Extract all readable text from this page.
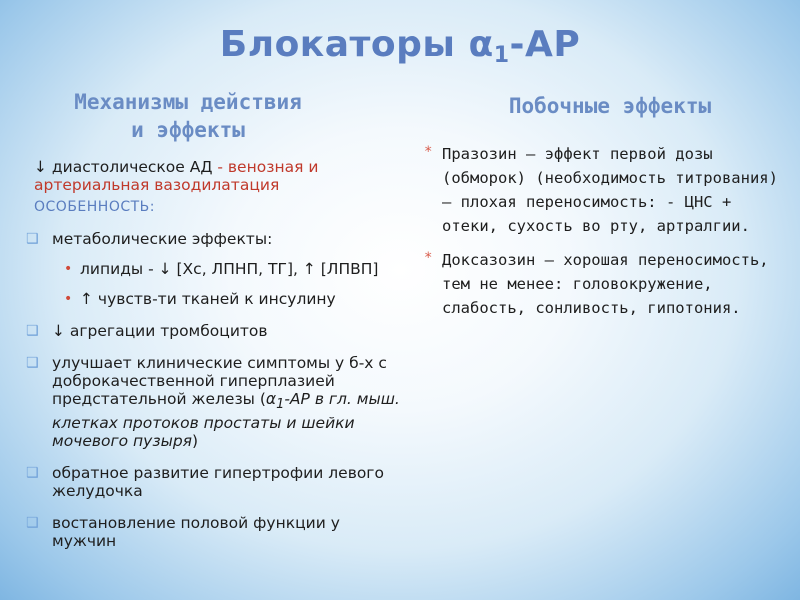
Блокаторы $\alpha_1-АР$
Механизмы действия
и эффекты
Побочные эффекты
↓ диастолическое АД - венозная и
артериальная вазодилатация
ОСОБЕННОСТЬ:
❑ метаболические эффекты:
• липиды - ↓ [Хс, ЛПНП, ТГ], ↑ [ЛПВП]
• ↑ чувств-ти тканей к инсулину
❑ ↓ агрегации тромбоцитов
❑ улучшает клинические симптомы у б-х с доброкачественной гиперплазией предстательной железы ($\alpha_1-АР$ в гл. мыш. клетках протоков простаты и шейки мочевого пузыря)
❑ обратное развитие гипертрофии левого желудочка
❑ востановление половой функции у мужчин
* Празозин – эффект первой дозы (обморок) (необходимость титрования) – плохая переносимость: - ЦНС + отеки, сухость во рту, артралгии.
* Доксазозин – хорошая переносимость, тем не менее: головокружение, слабость, сонливость, гипотония.
